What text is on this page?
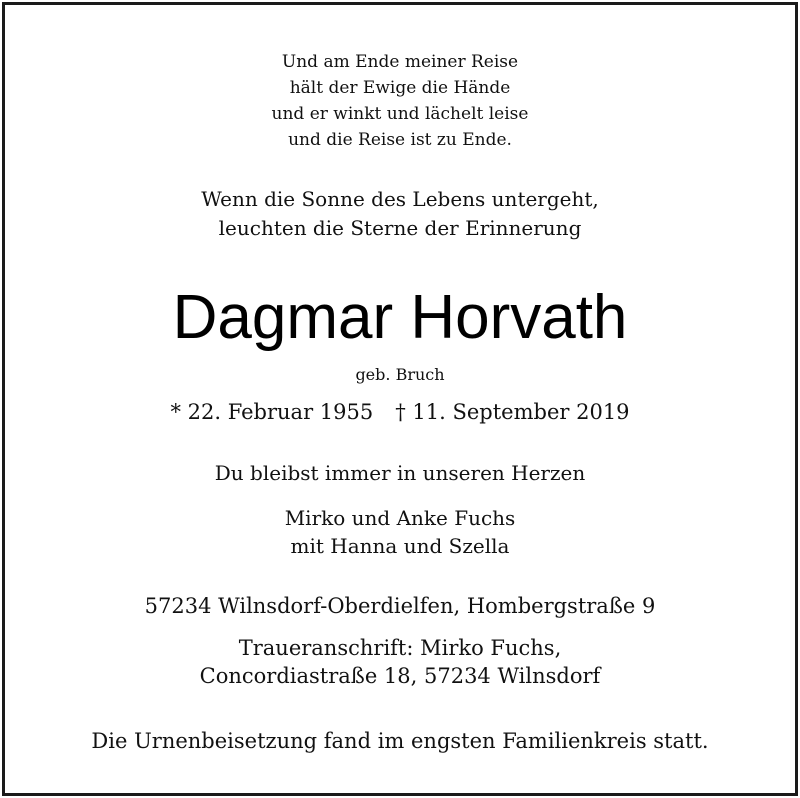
Und am Ende meiner Reise
hält der Ewige die Hände
und er winkt und lächelt leise
und die Reise ist zu Ende.
Wenn die Sonne des Lebens untergeht,
leuchten die Sterne der Erinnerung
Dagmar Horvath
geb. Bruch
* 22. Februar 1955 † 11. September 2019
Du bleibst immer in unseren Herzen
Mirko und Anke Fuchs
mit Hanna und Szella
57234 Wilnsdorf-Oberdielfen, Hombergstraße 9
Traueranschrift: Mirko Fuchs,
Concordiastraße 18, 57234 Wilnsdorf
Die Urnenbeisetzung fand im engsten Familienkreis statt.
